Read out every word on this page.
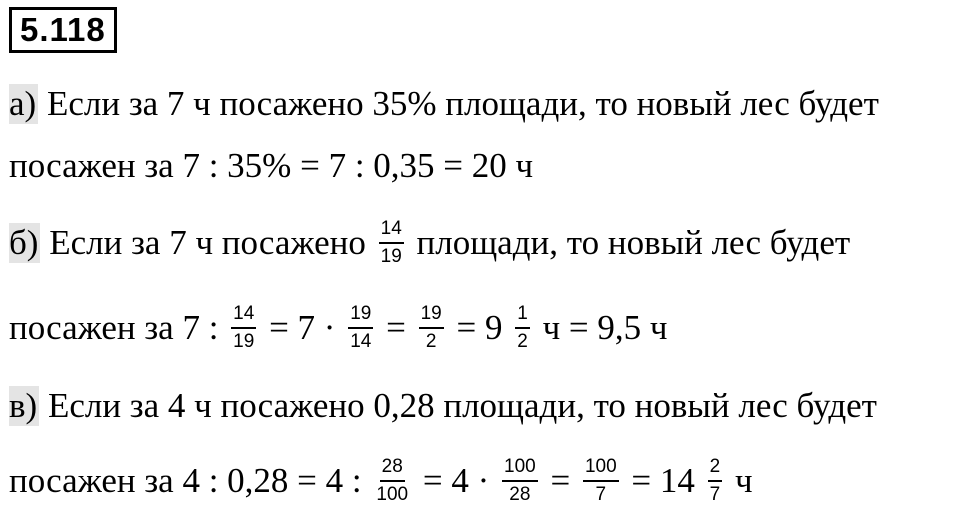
5.118
а) Если за 7 ч посажено 35% площади, то новый лес будет
посажен за 7 : 35% = 7 : 0,35 = 20 ч
б) Если за 7 ч посажено $\frac{14}{19}$ площади, то новый лес будет
посажен за 7 : $\frac{14}{19} = 7 \cdot \frac{19}{14} = \frac{19}{2} = 9 \frac{1}{2}$ ч = 9,5 ч
в) Если за 4 ч посажено 0,28 площади, то новый лес будет
посажен за 4 : 0,28 = 4 : $\frac{28}{100} = 4 \cdot \frac{100}{28} = \frac{100}{7} = 14 \frac{2}{7}$ ч
